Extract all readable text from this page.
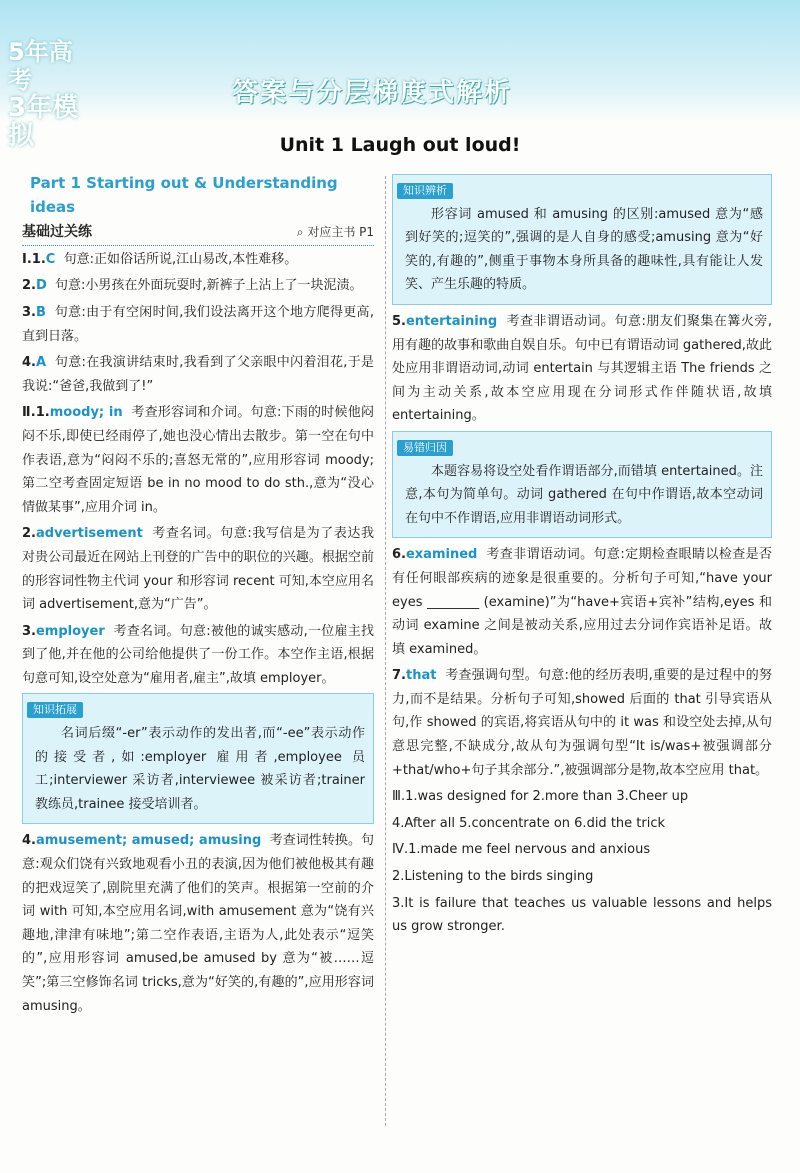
5年高考
3年模拟
答案与分层梯度式解析
Unit 1 Laugh out loud!
Part 1 Starting out & Understanding ideas
基础过关练	⌕ 对应主书 P1

Ⅰ.1.C 句意:正如俗话所说,江山易改,本性难移。

2.D 句意:小男孩在外面玩耍时,新裤子上沾上了一块泥渍。

3.B 句意:由于有空闲时间,我们设法离开这个地方爬得更高,直到日落。

4.A 句意:在我演讲结束时,我看到了父亲眼中闪着泪花,于是我说:“爸爸,我做到了!”

Ⅱ.1.moody; in 考查形容词和介词。句意:下雨的时候他闷闷不乐,即使已经雨停了,她也没心情出去散步。第一空在句中作表语,意为“闷闷不乐的;喜怒无常的”,应用形容词 moody;第二空考查固定短语 be in no mood to do sth.,意为“没心情做某事”,应用介词 in。

2.advertisement 考查名词。句意:我写信是为了表达我对贵公司最近在网站上刊登的广告中的职位的兴趣。根据空前的形容词性物主代词 your 和形容词 recent 可知,本空应用名词 advertisement,意为“广告”。

3.employer 考查名词。句意:被他的诚实感动,一位雇主找到了他,并在他的公司给他提供了一份工作。本空作主语,根据句意可知,设空处意为“雇用者,雇主”,故填 employer。

知识拓展

名词后缀“-er”表示动作的发出者,而“-ee”表示动作的接受者,如:employer 雇用者,employee 员工;interviewer 采访者,interviewee 被采访者;trainer 教练员,trainee 接受培训者。

4.amusement; amused; amusing 考查词性转换。句意:观众们饶有兴致地观看小丑的表演,因为他们被他极其有趣的把戏逗笑了,剧院里充满了他们的笑声。根据第一空前的介词 with 可知,本空应用名词,with amusement 意为“饶有兴趣地,津津有味地”;第二空作表语,主语为人,此处表示“逗笑的”,应用形容词 amused,be amused by 意为“被……逗笑”;第三空修饰名词 tricks,意为“好笑的,有趣的”,应用形容词 amusing。

知识辨析

形容词 amused 和 amusing 的区别:amused 意为“感到好笑的;逗笑的”,强调的是人自身的感受;amusing 意为“好笑的,有趣的”,侧重于事物本身所具备的趣味性,具有能让人发笑、产生乐趣的特质。

5.entertaining 考查非谓语动词。句意:朋友们聚集在篝火旁,用有趣的故事和歌曲自娱自乐。句中已有谓语动词 gathered,故此处应用非谓语动词,动词 entertain 与其逻辑主语 The friends 之间为主动关系,故本空应用现在分词形式作伴随状语,故填 entertaining。

易错归因

本题容易将设空处看作谓语部分,而错填 entertained。注意,本句为简单句。动词 gathered 在句中作谓语,故本空动词在句中不作谓语,应用非谓语动词形式。

6.examined 考查非谓语动词。句意:定期检查眼睛以检查是否有任何眼部疾病的迹象是很重要的。分析句子可知,“have your eyes ________ (examine)”为“have+宾语+宾补”结构,eyes 和动词 examine 之间是被动关系,应用过去分词作宾语补足语。故填 examined。

7.that 考查强调句型。句意:他的经历表明,重要的是过程中的努力,而不是结果。分析句子可知,showed 后面的 that 引导宾语从句,作 showed 的宾语,将宾语从句中的 it was 和设空处去掉,从句意思完整,不缺成分,故从句为强调句型“It is/was+被强调部分+that/who+句子其余部分.”,被强调部分是物,故本空应用 that。

Ⅲ.1.was designed for 2.more than 3.Cheer up

4.After all 5.concentrate on 6.did the trick

Ⅳ.1.made me feel nervous and anxious

2.Listening to the birds singing

3.It is failure that teaches us valuable lessons and helps us grow stronger.
